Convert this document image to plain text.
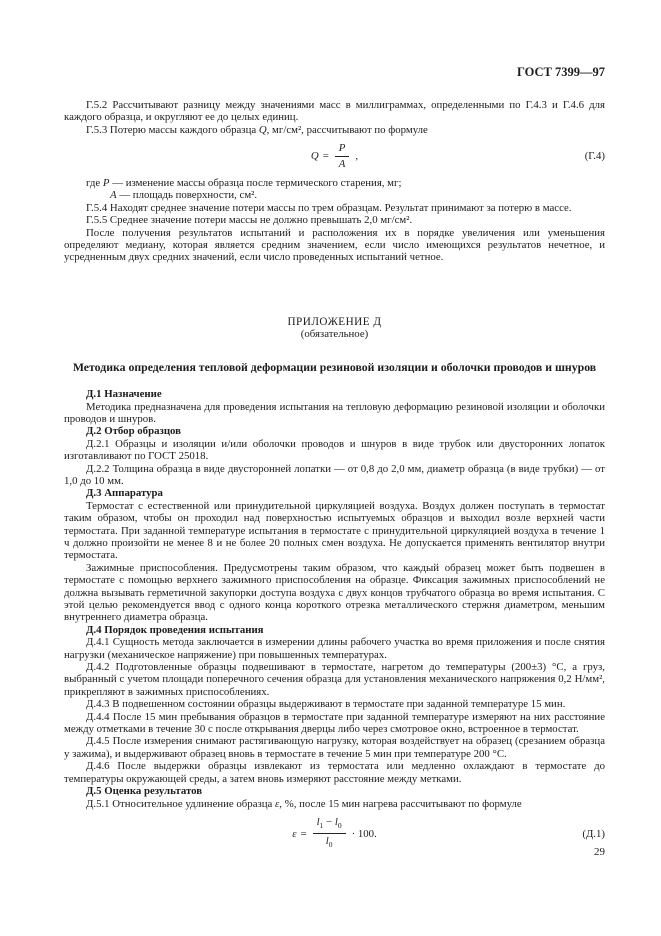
ГОСТ 7399—97

Г.5.2 Рассчитывают разницу между значениями масс в миллиграммах, определенными по Г.4.3 и Г.4.6 для каждого образца, и округляют ее до целых единиц.

Г.5.3 Потерю массы каждого образца Q, мг/см², рассчитывают по формуле

$Q = \frac{P}{A}$ ,	(Г.4)
где Р — изменение массы образца после термического старения, мг;
А — площадь поверхности, см².

Г.5.4 Находят среднее значение потери массы по трем образцам. Результат принимают за потерю в массе.

Г.5.5 Среднее значение потери массы не должно превышать 2,0 мг/см².

После получения результатов испытаний и расположения их в порядке увеличения или уменьшения определяют медиану, которая является средним значением, если число имеющихся результатов нечетное, и усредненным двух средних значений, если число проведенных испытаний четное.

ПРИЛОЖЕНИЕ Д

(обязательное)

Методика определения тепловой деформации резиновой изоляции и оболочки проводов и шнуров

Д.1 Назначение

Методика предназначена для проведения испытания на тепловую деформацию резиновой изоляции и оболочки проводов и шнуров.

Д.2 Отбор образцов

Д.2.1 Образцы и изоляции и/или оболочки проводов и шнуров в виде трубок или двусторонних лопаток изготавливают по ГОСТ 25018.

Д.2.2 Толщина образца в виде двусторонней лопатки — от 0,8 до 2,0 мм, диаметр образца (в виде трубки) — от 1,0 до 10 мм.

Д.3 Аппаратура

Термостат с естественной или принудительной циркуляцией воздуха. Воздух должен поступать в термостат таким образом, чтобы он проходил над поверхностью испытуемых образцов и выходил возле верхней части термостата. При заданной температуре испытания в термостате с принудительной циркуляцией воздуха в течение 1 ч должно произойти не менее 8 и не более 20 полных смен воздуха. Не допускается применять вентилятор внутри термостата.

Зажимные приспособления. Предусмотрены таким образом, что каждый образец может быть подвешен в термостате с помощью верхнего зажимного приспособления на образце. Фиксация зажимных приспособлений не должна вызывать герметичной закупорки доступа воздуха с двух концов трубчатого образца во время испытания. С этой целью рекомендуется ввод с одного конца короткого отрезка металлического стержня диаметром, меньшим внутреннего диаметра образца.

Д.4 Порядок проведения испытания

Д.4.1 Сущность метода заключается в измерении длины рабочего участка во время приложения и после снятия нагрузки (механическое напряжение) при повышенных температурах.

Д.4.2 Подготовленные образцы подвешивают в термостате, нагретом до температуры (200±3) °С, а груз, выбранный с учетом площади поперечного сечения образца для установления механического напряжения 0,2 Н/мм², прикрепляют в зажимных приспособлениях.

Д.4.3 В подвешенном состоянии образцы выдерживают в термостате при заданной температуре 15 мин.

Д.4.4 После 15 мин пребывания образцов в термостате при заданной температуре измеряют на них расстояние между отметками в течение 30 с после открывания дверцы либо через смотровое окно, встроенное в термостат.

Д.4.5 После измерения снимают растягивающую нагрузку, которая воздействует на образец (срезанием образца у зажима), и выдерживают образец вновь в термостате в течение 5 мин при температуре 200 °С.

Д.4.6 После выдержки образцы извлекают из термостата или медленно охлаждают в термостате до температуры окружающей среды, а затем вновь измеряют расстояние между метками.

Д.5 Оценка результатов

Д.5.1 Относительное удлинение образца ε, %, после 15 мин нагрева рассчитывают по формуле

$\varepsilon = \frac{l_1 - l_0}{l_0} \cdot 100$.	(Д.1)
29
